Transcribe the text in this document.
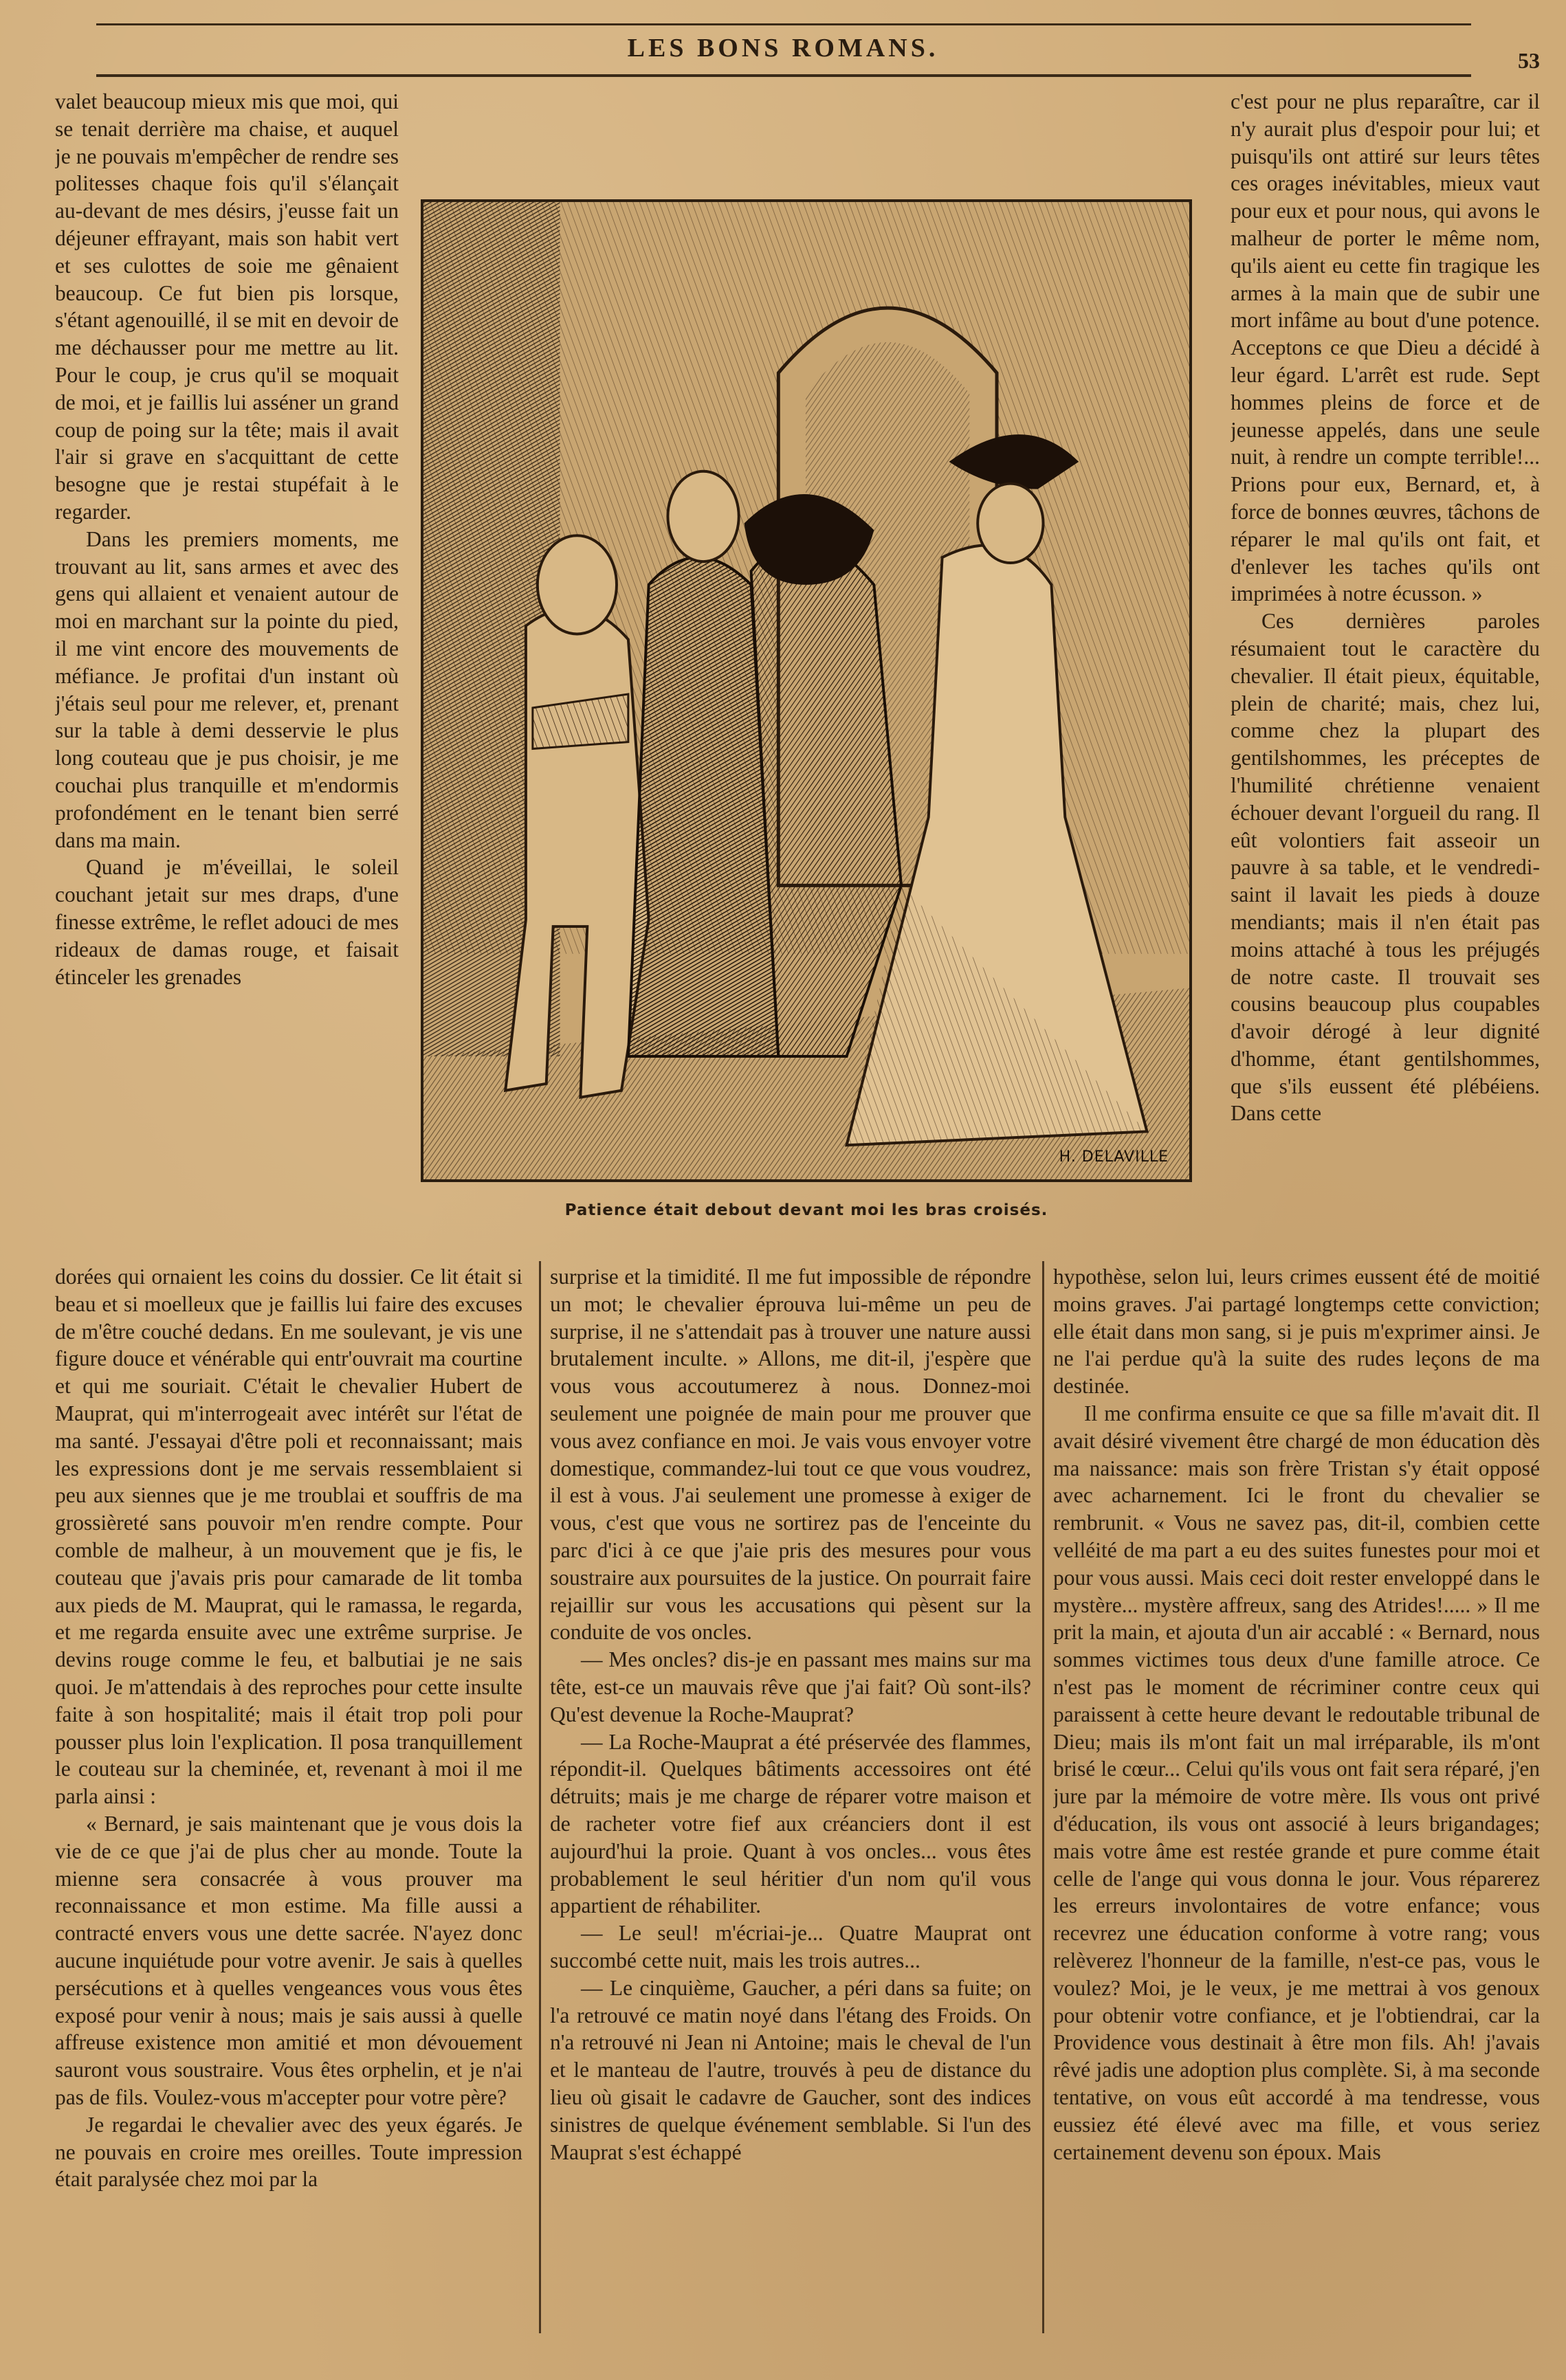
LES BONS ROMANS.	53

valet beaucoup mieux mis que moi, qui se tenait derrière ma chaise, et auquel je ne pouvais m'empêcher de rendre ses politesses chaque fois qu'il s'élançait au-devant de mes désirs, j'eusse fait un déjeuner effrayant, mais son habit vert et ses culottes de soie me gênaient beaucoup. Ce fut bien pis lorsque, s'étant agenouillé, il se mit en devoir de me déchausser pour me mettre au lit. Pour le coup, je crus qu'il se moquait de moi, et je faillis lui asséner un grand coup de poing sur la tête; mais il avait l'air si grave en s'acquittant de cette besogne que je restai stupéfait à le regarder.

Dans les premiers moments, me trouvant au lit, sans armes et avec des gens qui allaient et venaient autour de moi en marchant sur la pointe du pied, il me vint encore des mouvements de méfiance. Je profitai d'un instant où j'étais seul pour me relever, et, prenant sur la table à demi desservie le plus long couteau que je pus choisir, je me couchai plus tranquille et m'endormis profondément en le tenant bien serré dans ma main.

Quand je m'éveillai, le soleil couchant jetait sur mes draps, d'une finesse extrême, le reflet adouci de mes rideaux de damas rouge, et faisait étinceler les grenades

H. DELAVILLE
Patience était debout devant moi les bras croisés.

c'est pour ne plus reparaître, car il n'y aurait plus d'espoir pour lui; et puisqu'ils ont attiré sur leurs têtes ces orages inévitables, mieux vaut pour eux et pour nous, qui avons le malheur de porter le même nom, qu'ils aient eu cette fin tragique les armes à la main que de subir une mort infâme au bout d'une potence. Acceptons ce que Dieu a décidé à leur égard. L'arrêt est rude. Sept hommes pleins de force et de jeunesse appelés, dans une seule nuit, à rendre un compte terrible!... Prions pour eux, Bernard, et, à force de bonnes œuvres, tâchons de réparer le mal qu'ils ont fait, et d'enlever les taches qu'ils ont imprimées à notre écusson. »

Ces dernières paroles résumaient tout le caractère du chevalier. Il était pieux, équitable, plein de charité; mais, chez lui, comme chez la plupart des gentilshommes, les préceptes de l'humilité chrétienne venaient échouer devant l'orgueil du rang. Il eût volontiers fait asseoir un pauvre à sa table, et le vendredi-saint il lavait les pieds à douze mendiants; mais il n'en était pas moins attaché à tous les préjugés de notre caste. Il trouvait ses cousins beaucoup plus coupables d'avoir dérogé à leur dignité d'homme, étant gentilshommes, que s'ils eussent été plébéiens. Dans cette

dorées qui ornaient les coins du dossier. Ce lit était si beau et si moelleux que je faillis lui faire des excuses de m'être couché dedans. En me soulevant, je vis une figure douce et vénérable qui entr'ouvrait ma courtine et qui me souriait. C'était le chevalier Hubert de Mauprat, qui m'interrogeait avec intérêt sur l'état de ma santé. J'essayai d'être poli et reconnaissant; mais les expressions dont je me servais ressemblaient si peu aux siennes que je me troublai et souffris de ma grossièreté sans pouvoir m'en rendre compte. Pour comble de malheur, à un mouvement que je fis, le couteau que j'avais pris pour camarade de lit tomba aux pieds de M. Mauprat, qui le ramassa, le regarda, et me regarda ensuite avec une extrême surprise. Je devins rouge comme le feu, et balbutiai je ne sais quoi. Je m'attendais à des reproches pour cette insulte faite à son hospitalité; mais il était trop poli pour pousser plus loin l'explication. Il posa tranquillement le couteau sur la cheminée, et, revenant à moi il me parla ainsi :

« Bernard, je sais maintenant que je vous dois la vie de ce que j'ai de plus cher au monde. Toute la mienne sera consacrée à vous prouver ma reconnaissance et mon estime. Ma fille aussi a contracté envers vous une dette sacrée. N'ayez donc aucune inquiétude pour votre avenir. Je sais à quelles persécutions et à quelles vengeances vous vous êtes exposé pour venir à nous; mais je sais aussi à quelle affreuse existence mon amitié et mon dévouement sauront vous soustraire. Vous êtes orphelin, et je n'ai pas de fils. Voulez-vous m'accepter pour votre père?

Je regardai le chevalier avec des yeux égarés. Je ne pouvais en croire mes oreilles. Toute impression était paralysée chez moi par la

surprise et la timidité. Il me fut impossible de répondre un mot; le chevalier éprouva lui-même un peu de surprise, il ne s'attendait pas à trouver une nature aussi brutalement inculte. » Allons, me dit-il, j'espère que vous vous accoutumerez à nous. Donnez-moi seulement une poignée de main pour me prouver que vous avez confiance en moi. Je vais vous envoyer votre domestique, commandez-lui tout ce que vous voudrez, il est à vous. J'ai seulement une promesse à exiger de vous, c'est que vous ne sortirez pas de l'enceinte du parc d'ici à ce que j'aie pris des mesures pour vous soustraire aux poursuites de la justice. On pourrait faire rejaillir sur vous les accusations qui pèsent sur la conduite de vos oncles.

— Mes oncles? dis-je en passant mes mains sur ma tête, est-ce un mauvais rêve que j'ai fait? Où sont-ils? Qu'est devenue la Roche-Mauprat?

— La Roche-Mauprat a été préservée des flammes, répondit-il. Quelques bâtiments accessoires ont été détruits; mais je me charge de réparer votre maison et de racheter votre fief aux créanciers dont il est aujourd'hui la proie. Quant à vos oncles... vous êtes probablement le seul héritier d'un nom qu'il vous appartient de réhabiliter.

— Le seul! m'écriai-je... Quatre Mauprat ont succombé cette nuit, mais les trois autres...

— Le cinquième, Gaucher, a péri dans sa fuite; on l'a retrouvé ce matin noyé dans l'étang des Froids. On n'a retrouvé ni Jean ni Antoine; mais le cheval de l'un et le manteau de l'autre, trouvés à peu de distance du lieu où gisait le cadavre de Gaucher, sont des indices sinistres de quelque événement semblable. Si l'un des Mauprat s'est échappé

hypothèse, selon lui, leurs crimes eussent été de moitié moins graves. J'ai partagé longtemps cette conviction; elle était dans mon sang, si je puis m'exprimer ainsi. Je ne l'ai perdue qu'à la suite des rudes leçons de ma destinée.

Il me confirma ensuite ce que sa fille m'avait dit. Il avait désiré vivement être chargé de mon éducation dès ma naissance: mais son frère Tristan s'y était opposé avec acharnement. Ici le front du chevalier se rembrunit. « Vous ne savez pas, dit-il, combien cette velléité de ma part a eu des suites funestes pour moi et pour vous aussi. Mais ceci doit rester enveloppé dans le mystère... mystère affreux, sang des Atrides!..... » Il me prit la main, et ajouta d'un air accablé : « Bernard, nous sommes victimes tous deux d'une famille atroce. Ce n'est pas le moment de récriminer contre ceux qui paraissent à cette heure devant le redoutable tribunal de Dieu; mais ils m'ont fait un mal irréparable, ils m'ont brisé le cœur... Celui qu'ils vous ont fait sera réparé, j'en jure par la mémoire de votre mère. Ils vous ont privé d'éducation, ils vous ont associé à leurs brigandages; mais votre âme est restée grande et pure comme était celle de l'ange qui vous donna le jour. Vous réparerez les erreurs involontaires de votre enfance; vous recevrez une éducation conforme à votre rang; vous relèverez l'honneur de la famille, n'est-ce pas, vous le voulez? Moi, je le veux, je me mettrai à vos genoux pour obtenir votre confiance, et je l'obtiendrai, car la Providence vous destinait à être mon fils. Ah! j'avais rêvé jadis une adoption plus complète. Si, à ma seconde tentative, on vous eût accordé à ma tendresse, vous eussiez été élevé avec ma fille, et vous seriez certainement devenu son époux. Mais
